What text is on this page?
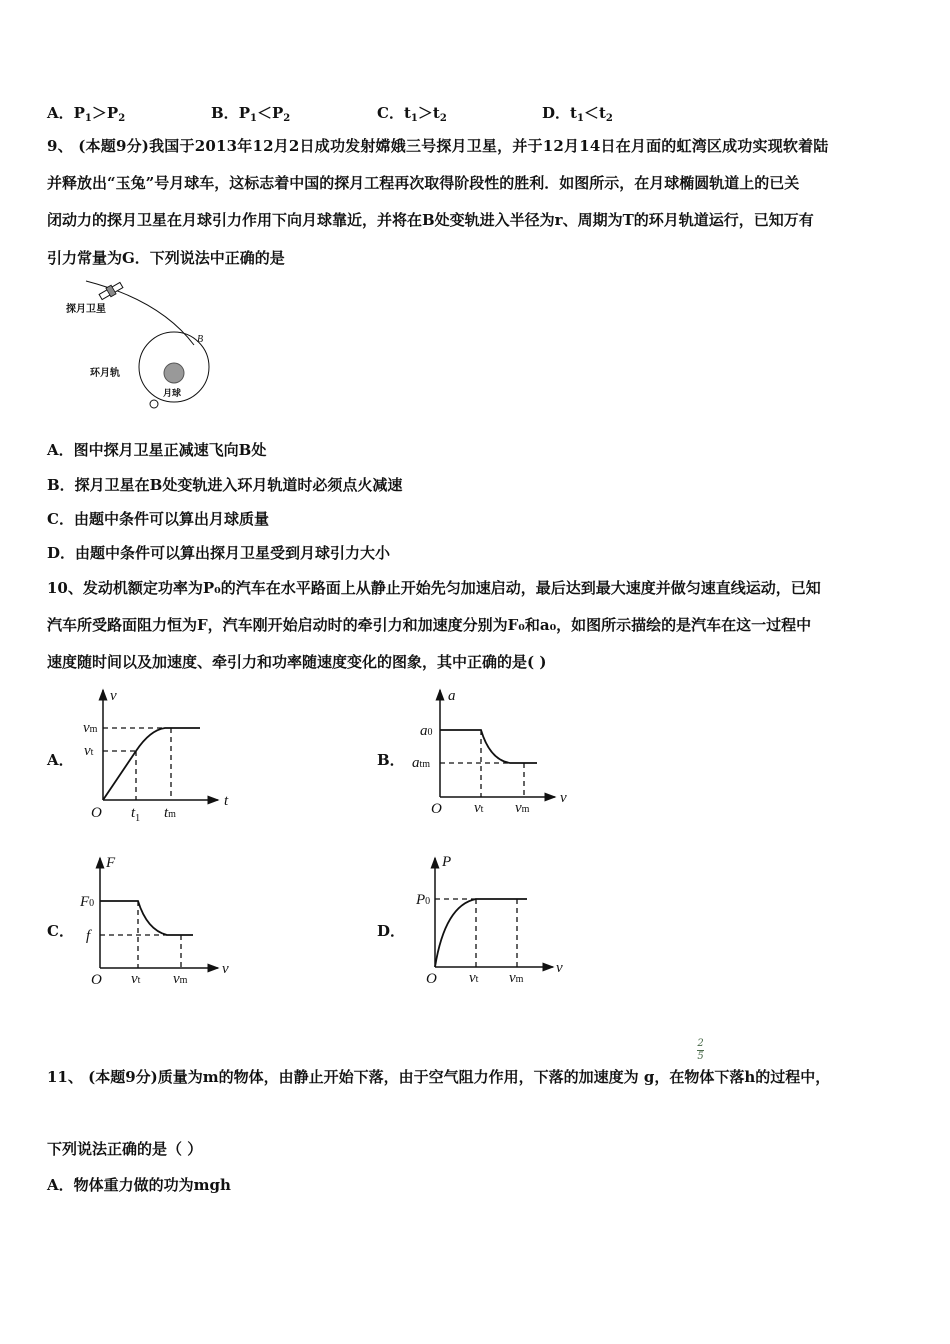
A．$P_1>P_2$	B．$P_1<P_2$	C．$t_1>t_2$	D．$t_1<t_2$
9、 (本题9分)我国于2013年12月2日成功发射嫦娥三号探月卫星，并于12月14日在月面的虹湾区成功实现软着陆
并释放出“玉兔”号月球车，这标志着中国的探月工程再次取得阶段性的胜利．如图所示，在月球椭圆轨道上的已关
闭动力的探月卫星在月球引力作用下向月球靠近，并将在B处变轨进入半径为r、周期为T的环月轨道运行，已知万有
引力常量为G．下列说法中正确的是
A．图中探月卫星正减速飞向B处
B．探月卫星在B处变轨进入环月轨道时必须点火减速
C．由题中条件可以算出月球质量
D．由题中条件可以算出探月卫星受到月球引力大小
10、发动机额定功率为P₀的汽车在水平路面上从静止开始先匀加速启动，最后达到最大速度并做匀速直线运动，已知
汽车所受路面阻力恒为F，汽车刚开始启动时的牵引力和加速度分别为F₀和a₀，如图所示描绘的是汽车在这一过程中
速度随时间以及加速度、牵引力和功率随速度变化的图象，其中正确的是( )
A．	B．
C．	D．
2
5
11、 (本题9分)质量为m的物体，由静止开始下落，由于空气阻力作用，下落的加速度为 g，在物体下落h的过程中，
下列说法正确的是（ ）
A．物体重力做的功为mgh
探月卫星
环月轨
月球
B
v
t
O
vm
vt
$t_1$ tm
a
v
O
a0
atm
vt vm
F
v
O
F0
f
vt vm
P
v
O
P0
vt vm
